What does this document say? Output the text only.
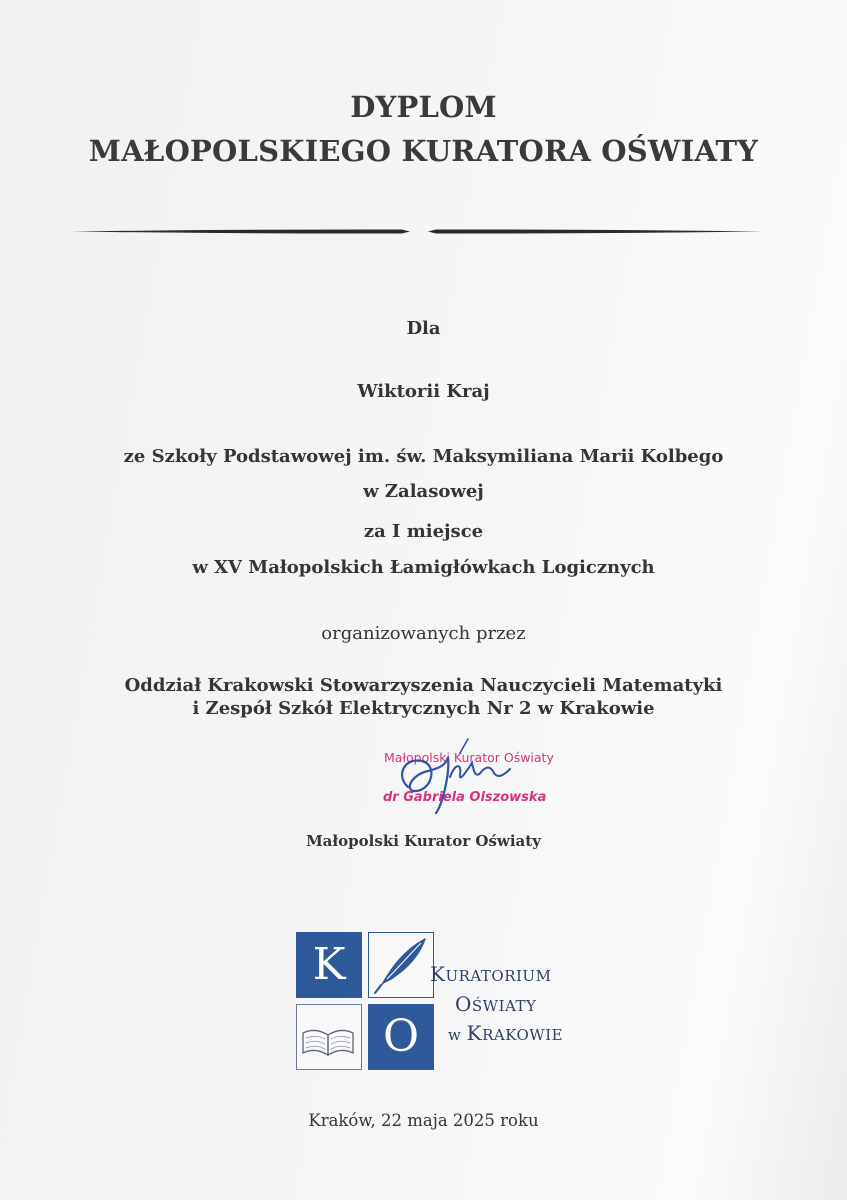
DYPLOM
MAŁOPOLSKIEGO KURATORA OŚWIATY

Dla

Wiktorii Kraj

ze Szkoły Podstawowej im. św. Maksymiliana Marii Kolbego

w Zalasowej

za I miejsce

w XV Małopolskich Łamigłówkach Logicznych

organizowanych przez

Oddział Krakowski Stowarzyszenia Nauczycieli Matematyki

i Zespół Szkół Elektrycznych Nr 2 w Krakowie

Małopolski Kurator Oświaty
dr Gabriela Olszowska

Małopolski Kurator Oświaty

K
O
KURATORIUM
OŚWIATY
w KRAKOWIE

Kraków, 22 maja 2025 roku
